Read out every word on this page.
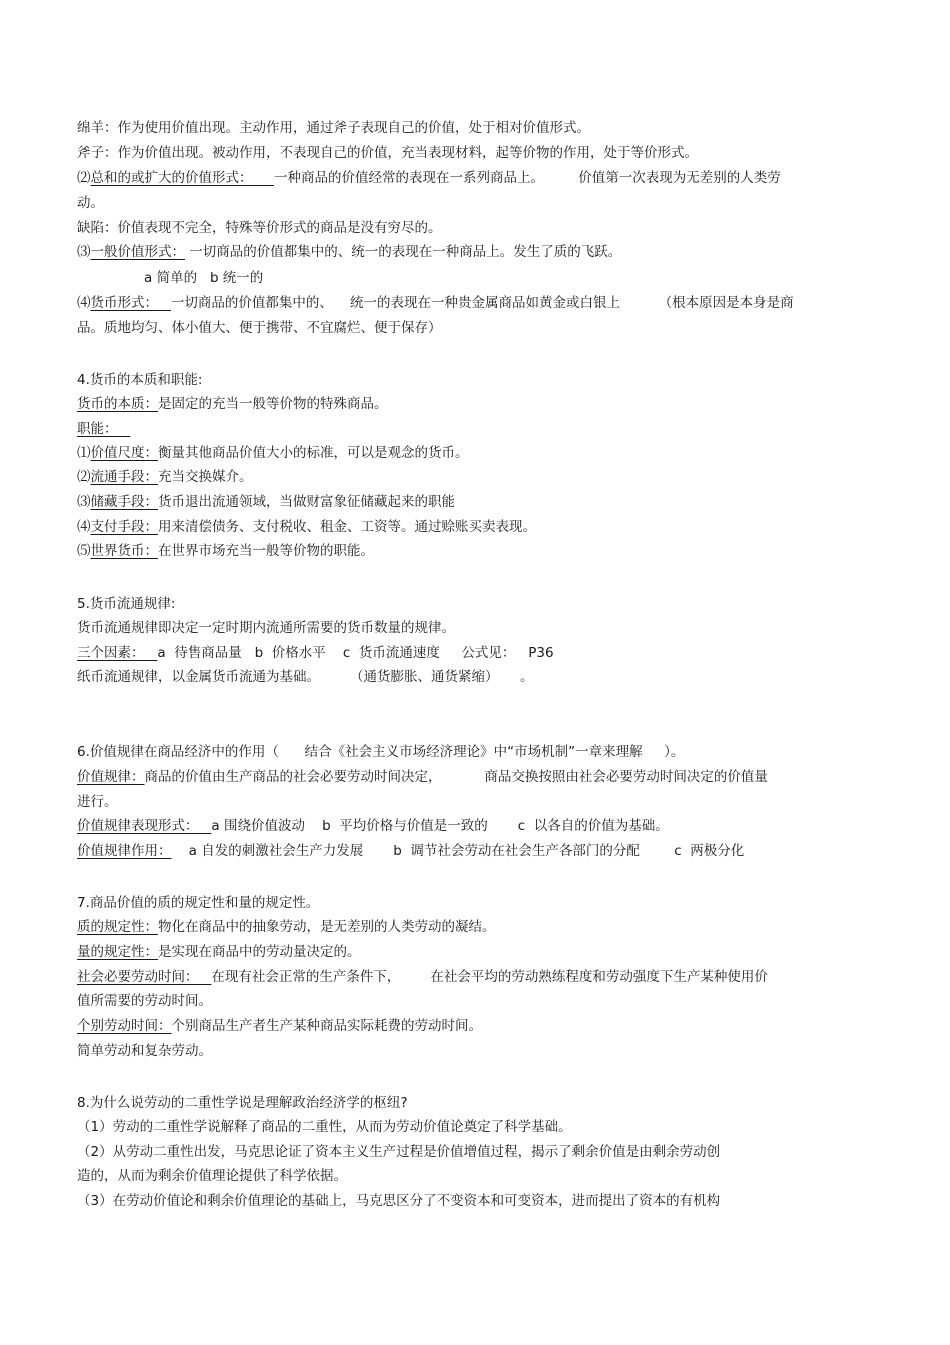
绵羊：作为使用价值出现。主动作用，通过斧子表现自己的价值，处于相对价值形式。
斧子：作为价值出现。被动作用，不表现自己的价值，充当表现材料，起等价物的作用，处于等价形式。
⑵总和的或扩大的价值形式：     一种商品的价值经常的表现在一系列商品上。        价值第一次表现为无差别的人类劳
动。
缺陷：价值表现不完全，特殊等价形式的商品是没有穷尽的。
⑶一般价值形式： 一切商品的价值都集中的、统一的表现在一种商品上。发生了质的飞跃。
a 简单的   b 统一的
⑷货币形式：   一切商品的价值都集中的、    统一的表现在一种贵金属商品如黄金或白银上         （根本原因是本身是商
品。质地均匀、体小值大、便于携带、不宜腐烂、便于保存）
4.货币的本质和职能:
货币的本质：是固定的充当一般等价物的特殊商品。
职能：
⑴价值尺度：衡量其他商品价值大小的标准，可以是观念的货币。
⑵流通手段：充当交换媒介。
⑶储藏手段：货币退出流通领域，当做财富象征储藏起来的职能
⑷支付手段：用来清偿债务、支付税收、租金、工资等。通过赊账买卖表现。
⑸世界货币：在世界市场充当一般等价物的职能。
5.货币流通规律:
货币流通规律即决定一定时期内流通所需要的货币数量的规律。
三个因素：   a  待售商品量   b  价格水平    c  货币流通速度     公式见：   P36
纸币流通规律，以金属货币流通为基础。       （通货膨胀、通货紧缩）     。
6.价值规律在商品经济中的作用（      结合《社会主义市场经济理论》中“市场机制”一章来理解     ）。
价值规律：商品的价值由生产商品的社会必要劳动时间决定，          商品交换按照由社会必要劳动时间决定的价值量
进行。
价值规律表现形式：   a 围绕价值波动    b  平均价格与价值是一致的       c  以各自的价值为基础。
价值规律作用：    a 自发的刺激社会生产力发展       b  调节社会劳动在社会生产各部门的分配        c  两极分化
7.商品价值的质的规定性和量的规定性。
质的规定性：物化在商品中的抽象劳动，是无差别的人类劳动的凝结。
量的规定性：是实现在商品中的劳动量决定的。
社会必要劳动时间：   在现有社会正常的生产条件下，       在社会平均的劳动熟练程度和劳动强度下生产某种使用价
值所需要的劳动时间。
个别劳动时间：个别商品生产者生产某种商品实际耗费的劳动时间。
简单劳动和复杂劳动。
8.为什么说劳动的二重性学说是理解政治经济学的枢纽?
（1）劳动的二重性学说解释了商品的二重性，从而为劳动价值论奠定了科学基础。
（2）从劳动二重性出发，马克思论证了资本主义生产过程是价值增值过程，揭示了剩余价值是由剩余劳动创
造的，从而为剩余价值理论提供了科学依据。
（3）在劳动价值论和剩余价值理论的基础上，马克思区分了不变资本和可变资本，进而提出了资本的有机构
